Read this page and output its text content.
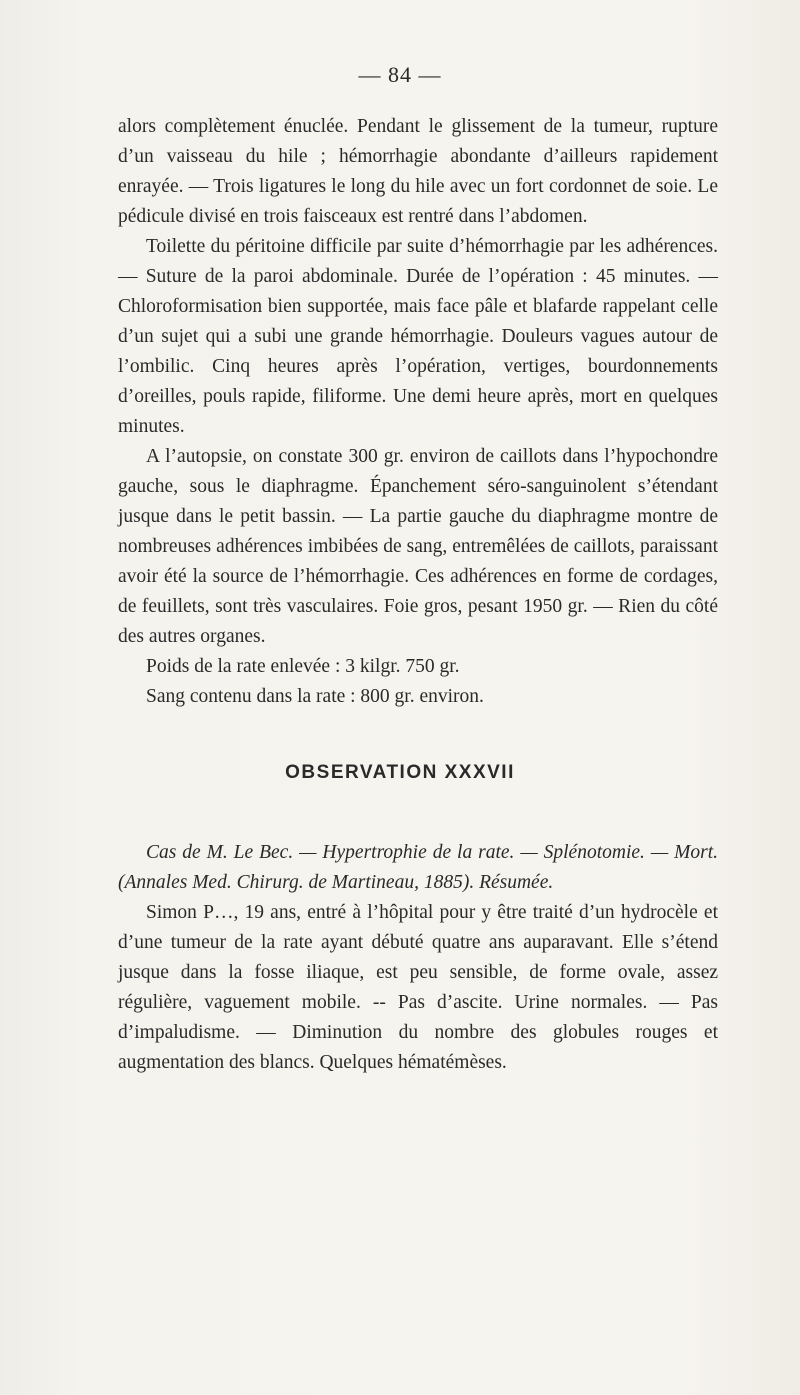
— 84 —

alors complètement énuclée. Pendant le glissement de la tumeur, rupture d’un vaisseau du hile ; hémorrhagie abondante d’ailleurs rapidement enrayée. — Trois ligatures le long du hile avec un fort cordonnet de soie. Le pédicule divisé en trois faisceaux est rentré dans l’abdomen.

Toilette du péritoine difficile par suite d’hémorrhagie par les adhérences. — Suture de la paroi abdominale. Durée de l’opération : 45 minutes. — Chloroformisation bien supportée, mais face pâle et blafarde rappelant celle d’un sujet qui a subi une grande hémorrhagie. Douleurs vagues autour de l’ombilic. Cinq heures après l’opération, vertiges, bourdonnements d’oreilles, pouls rapide, filiforme. Une demi heure après, mort en quelques minutes.

A l’autopsie, on constate 300 gr. environ de caillots dans l’hypochondre gauche, sous le diaphragme. Épanchement séro-sanguinolent s’étendant jusque dans le petit bassin. — La partie gauche du diaphragme montre de nombreuses adhérences imbibées de sang, entremêlées de caillots, paraissant avoir été la source de l’hémorrhagie. Ces adhérences en forme de cordages, de feuillets, sont très vasculaires. Foie gros, pesant 1950 gr. — Rien du côté des autres organes.

Poids de la rate enlevée : 3 kilgr. 750 gr.

Sang contenu dans la rate : 800 gr. environ.

OBSERVATION XXXVII

Cas de M. Le Bec. — Hypertrophie de la rate. — Splénotomie. — Mort. (Annales Med. Chirurg. de Martineau, 1885). Résumée.

Simon P…, 19 ans, entré à l’hôpital pour y être traité d’un hydrocèle et d’une tumeur de la rate ayant débuté quatre ans auparavant. Elle s’étend jusque dans la fosse iliaque, est peu sensible, de forme ovale, assez régulière, vaguement mobile. -- Pas d’ascite. Urine normales. — Pas d’impaludisme. — Diminution du nombre des globules rouges et augmentation des blancs. Quelques hématémèses.
